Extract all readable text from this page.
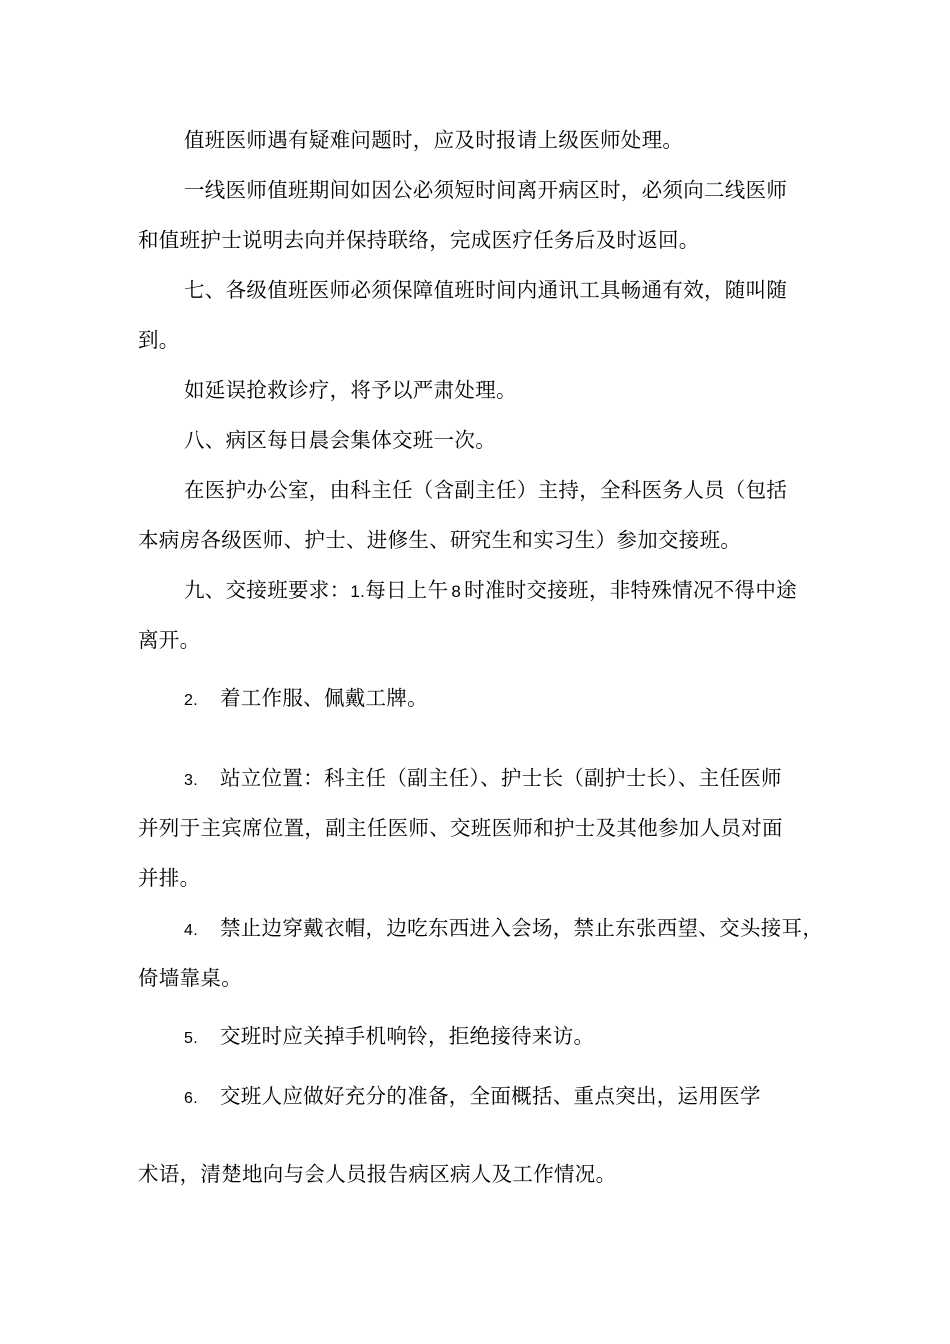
值班医师遇有疑难问题时，应及时报请上级医师处理。
一线医师值班期间如因公必须短时间离开病区时，必须向二线医师
和值班护士说明去向并保持联络，完成医疗任务后及时返回。
七、各级值班医师必须保障值班时间内通讯工具畅通有效，随叫随
到。
如延误抢救诊疗，将予以严肃处理。
八、病区每日晨会集体交班一次。
在医护办公室，由科主任（含副主任）主持，全科医务人员（包括
本病房各级医师、护士、进修生、研究生和实习生）参加交接班。
九、交接班要求：1.每日上午 8 时准时交接班，非特殊情况不得中途
离开。
2. 着工作服、佩戴工牌。
3. 站立位置：科主任（副主任）、护士长（副护士长）、主任医师
并列于主宾席位置，副主任医师、交班医师和护士及其他参加人员对面
并排。
4. 禁止边穿戴衣帽，边吃东西进入会场，禁止东张西望、交头接耳，
倚墙靠桌。
5. 交班时应关掉手机响铃，拒绝接待来访。
6. 交班人应做好充分的准备，全面概括、重点突出，运用医学
术语，清楚地向与会人员报告病区病人及工作情况。
